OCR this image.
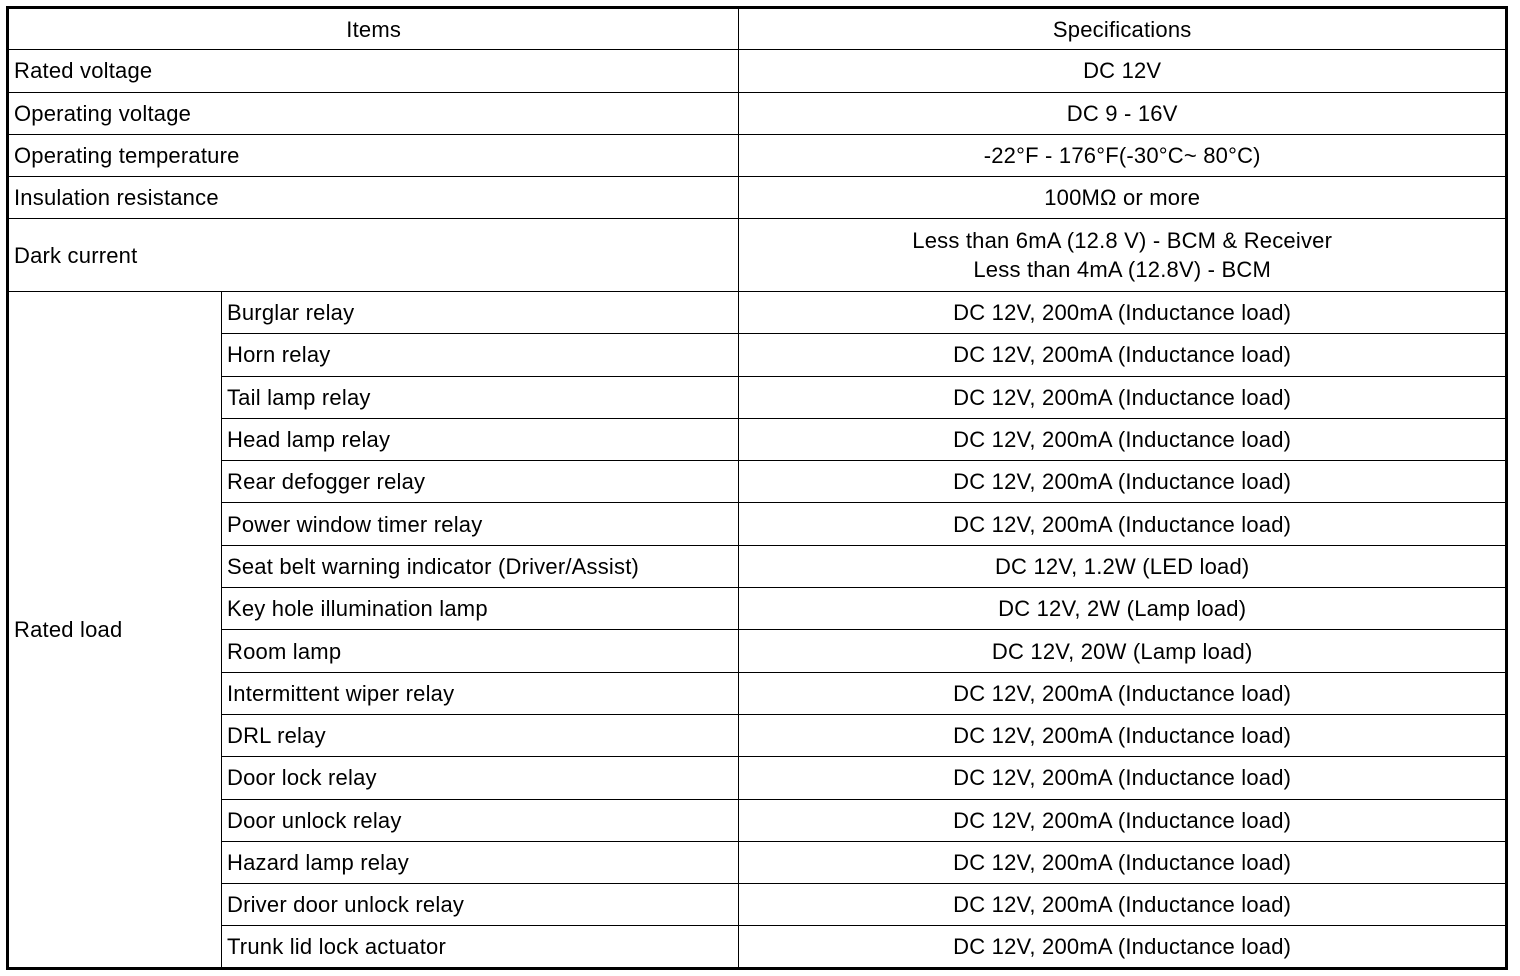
Items		Specifications
Rated voltage		DC 12V
Operating voltage		DC 9 - 16V
Operating temperature		-22°F - 176°F(-30°C~ 80°C)
Insulation resistance		100MΩ or more
Dark current		Less than 6mA (12.8 V) - BCM & Receiver
Less than 4mA (12.8V) - BCM

Rated load	Burglar relay	DC 12V, 200mA (Inductance load)
	Horn relay	DC 12V, 200mA (Inductance load)
	Tail lamp relay	DC 12V, 200mA (Inductance load)
	Head lamp relay	DC 12V, 200mA (Inductance load)
	Rear defogger relay	DC 12V, 200mA (Inductance load)
	Power window timer relay	DC 12V, 200mA (Inductance load)
	Seat belt warning indicator (Driver/Assist)	DC 12V, 1.2W (LED load)
	Key hole illumination lamp	DC 12V, 2W (Lamp load)
	Room lamp	DC 12V, 20W (Lamp load)
	Intermittent wiper relay	DC 12V, 200mA (Inductance load)
	DRL relay	DC 12V, 200mA (Inductance load)
	Door lock relay	DC 12V, 200mA (Inductance load)
	Door unlock relay	DC 12V, 200mA (Inductance load)
	Hazard lamp relay	DC 12V, 200mA (Inductance load)
	Driver door unlock relay	DC 12V, 200mA (Inductance load)
	Trunk lid lock actuator	DC 12V, 200mA (Inductance load)
